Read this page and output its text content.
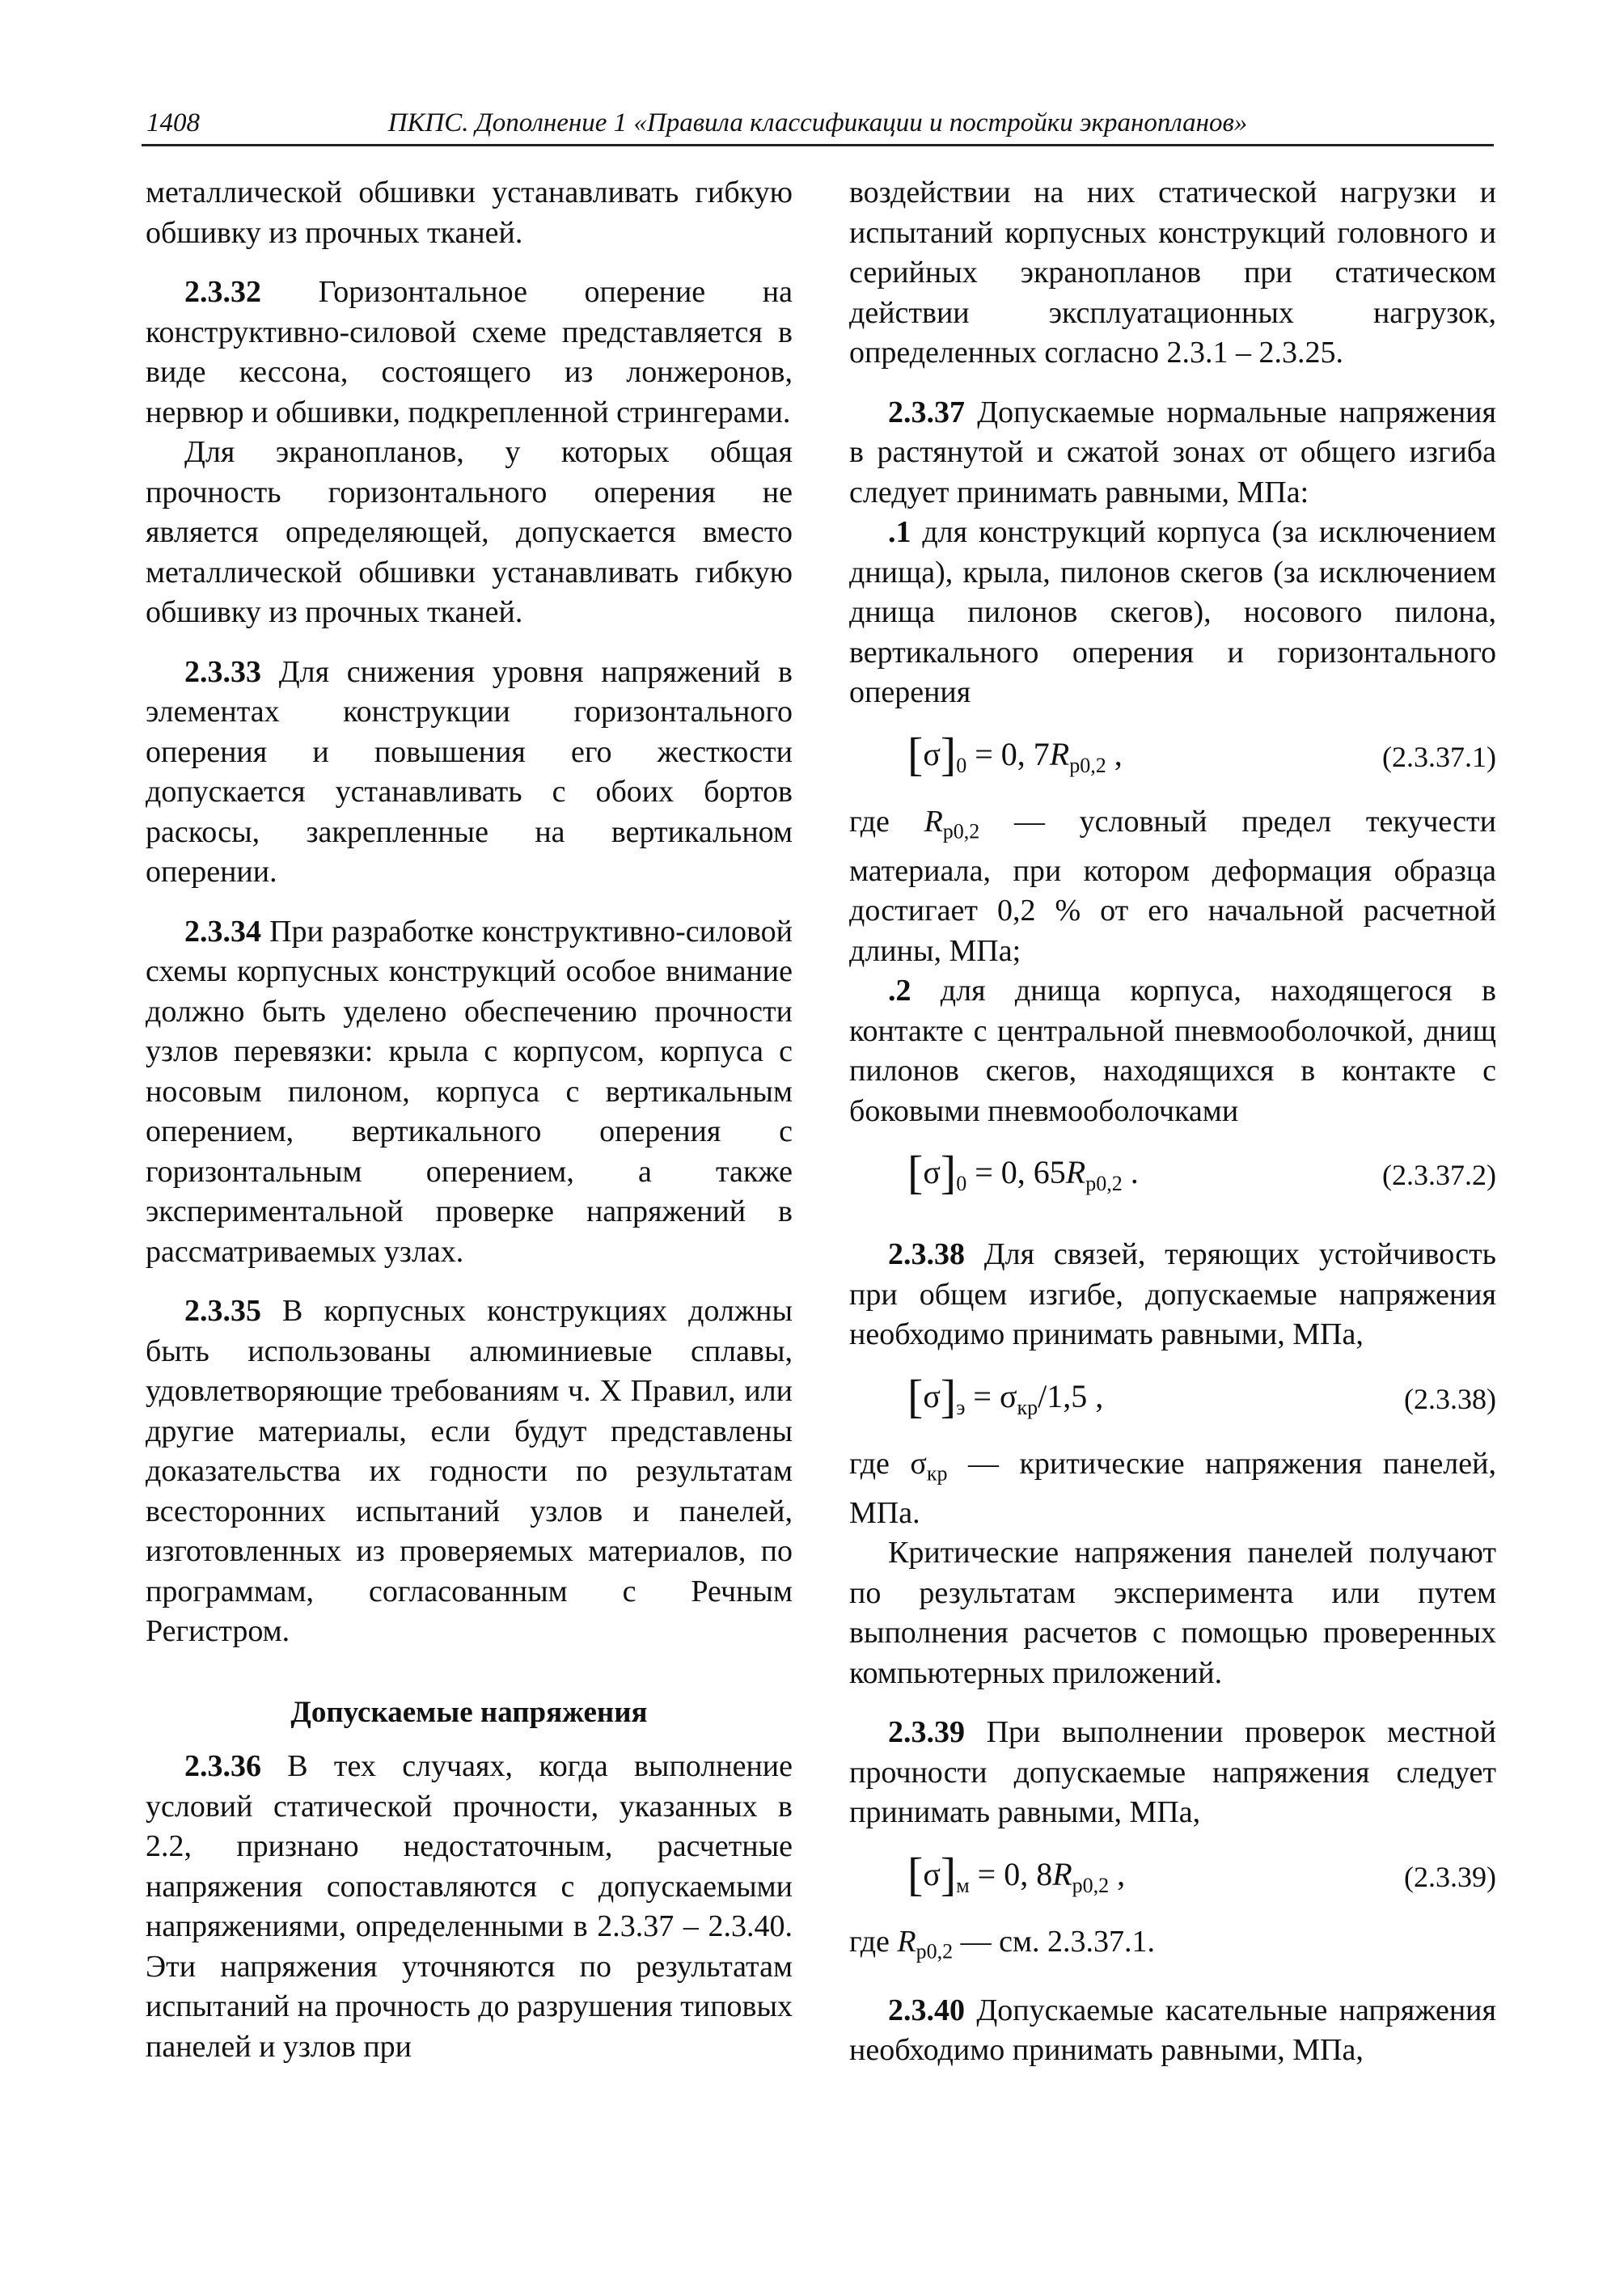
1408	ПКПС. Дополнение 1 «Правила классификации и постройки экранопланов»

металлической обшивки устанавливать гибкую обшивку из прочных тканей.

2.3.32 Горизонтальное оперение на конструктивно-силовой схеме представляется в виде кессона, состоящего из лонжеронов, нервюр и обшивки, подкрепленной стрингерами.

Для экранопланов, у которых общая прочность горизонтального оперения не является определяющей, допускается вместо металлической обшивки устанавливать гибкую обшивку из прочных тканей.

2.3.33 Для снижения уровня напряжений в элементах конструкции горизонтального оперения и повышения его жесткости допускается устанавливать с обоих бортов раскосы, закрепленные на вертикальном оперении.

2.3.34 При разработке конструктивно-силовой схемы корпусных конструкций особое внимание должно быть уделено обеспечению прочности узлов перевязки: крыла с корпусом, корпуса с носовым пилоном, корпуса с вертикальным оперением, вертикального оперения с горизонтальным оперением, а также экспериментальной проверке напряжений в рассматриваемых узлах.

2.3.35 В корпусных конструкциях должны быть использованы алюминиевые сплавы, удовлетворяющие требованиям ч. X Правил, или другие материалы, если будут представлены доказательства их годности по результатам всесторонних испытаний узлов и панелей, изготовленных из проверяемых материалов, по программам, согласованным с Речным Регистром.

Допускаемые напряжения

2.3.36 В тех случаях, когда выполнение условий статической прочности, указанных в 2.2, признано недостаточным, расчетные напряжения сопоставляются с допускаемыми напряжениями, определенными в 2.3.37 – 2.3.40. Эти напряжения уточняются по результатам испытаний на прочность до разрушения типовых панелей и узлов при

воздействии на них статической нагрузки и испытаний корпусных конструкций головного и серийных экранопланов при статическом действии эксплуатационных нагрузок, определенных согласно 2.3.1 – 2.3.25.

2.3.37 Допускаемые нормальные напряжения в растянутой и сжатой зонах от общего изгиба следует принимать равными, МПа:

.1 для конструкций корпуса (за исключением днища), крыла, пилонов скегов (за исключением днища пилонов скегов), носового пилона, вертикального оперения и горизонтального оперения

$[\sigma]_0 = 0$, $7R_{p0,2}$ ,	(2.3.37.1)

где $R_{p0,2}$ — условный предел текучести материала, при котором деформация образца достигает 0,2 % от его начальной расчетной длины, МПа;

.2 для днища корпуса, находящегося в контакте с центральной пневмооболочкой, днищ пилонов скегов, находящихся в контакте с боковыми пневмооболочками

$[\sigma]_0 = 0$, $65R_{p0,2}$ .	(2.3.37.2)

2.3.38 Для связей, теряющих устойчивость при общем изгибе, допускаемые напряжения необходимо принимать равными, МПа,

$[\sigma]_э = \sigma_{кр}/1,5$ ,	(2.3.38)

где $\sigma_{кр}$ — критические напряжения панелей, МПа.

Критические напряжения панелей получают по результатам эксперимента или путем выполнения расчетов с помощью проверенных компьютерных приложений.

2.3.39 При выполнении проверок местной прочности допускаемые напряжения следует принимать равными, МПа,

$[\sigma]_м = 0$, $8R_{p0,2}$ ,	(2.3.39)

где $R_{p0,2}$ — см. 2.3.37.1.

2.3.40 Допускаемые касательные напряжения необходимо принимать равными, МПа,
